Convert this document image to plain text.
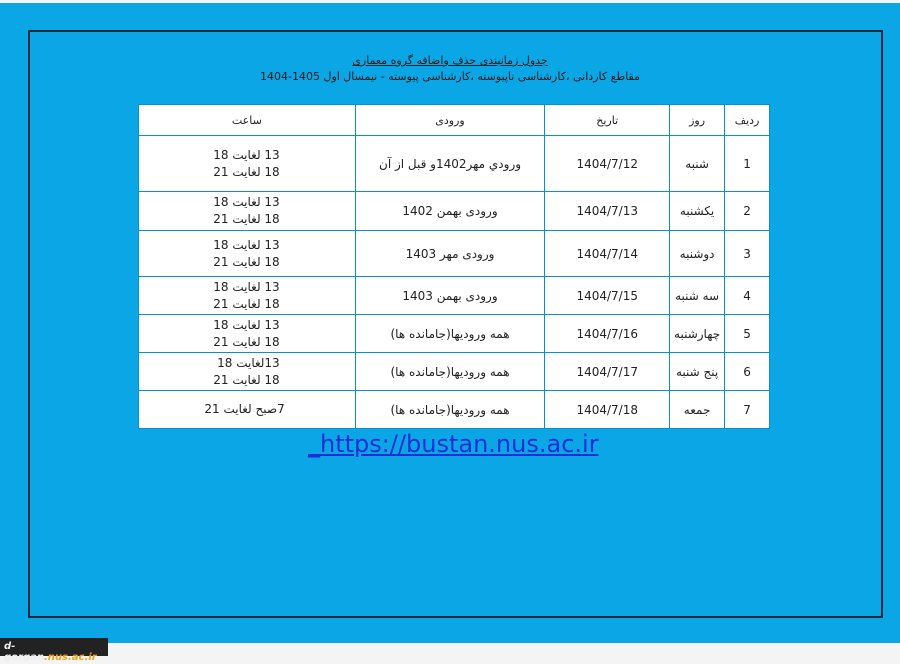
جدول زمانبندی حذف واضافه گروه معماری
مقاطع کاردانی ،کارشناسی ناپیوسته ،کارشناسی پیوسته - نیمسال اول 1405-1404
ردیف	روز	تاریخ	ورودی	ساعت
1	شنبه	1404/7/12	ورودي مهر1402و قبل از آن	13 لغایت 18
18 لغایت 21

2	یکشنبه	1404/7/13	ورودی بهمن 1402	13 لغایت 18
18 لغایت 21

3	دوشنبه	1404/7/14	ورودی مهر 1403	13 لغایت 18
18 لغایت 21

4	سه شنبه	1404/7/15	ورودی بهمن 1403	13 لغایت 18
18 لغایت 21

5	چهارشنبه	1404/7/16	همه ورودیها(جامانده ها)	13 لغایت 18
18 لغایت 21

6	پنج شنبه	1404/7/17	همه ورودیها(جامانده ها)	13لغایت 18
18 لغایت 21

7	جمعه	1404/7/18	همه ورودیها(جامانده ها)	7صبح لغایت 21
_https://bustan.nus.ac.ir
d-gorgan.nus.ac.ir
